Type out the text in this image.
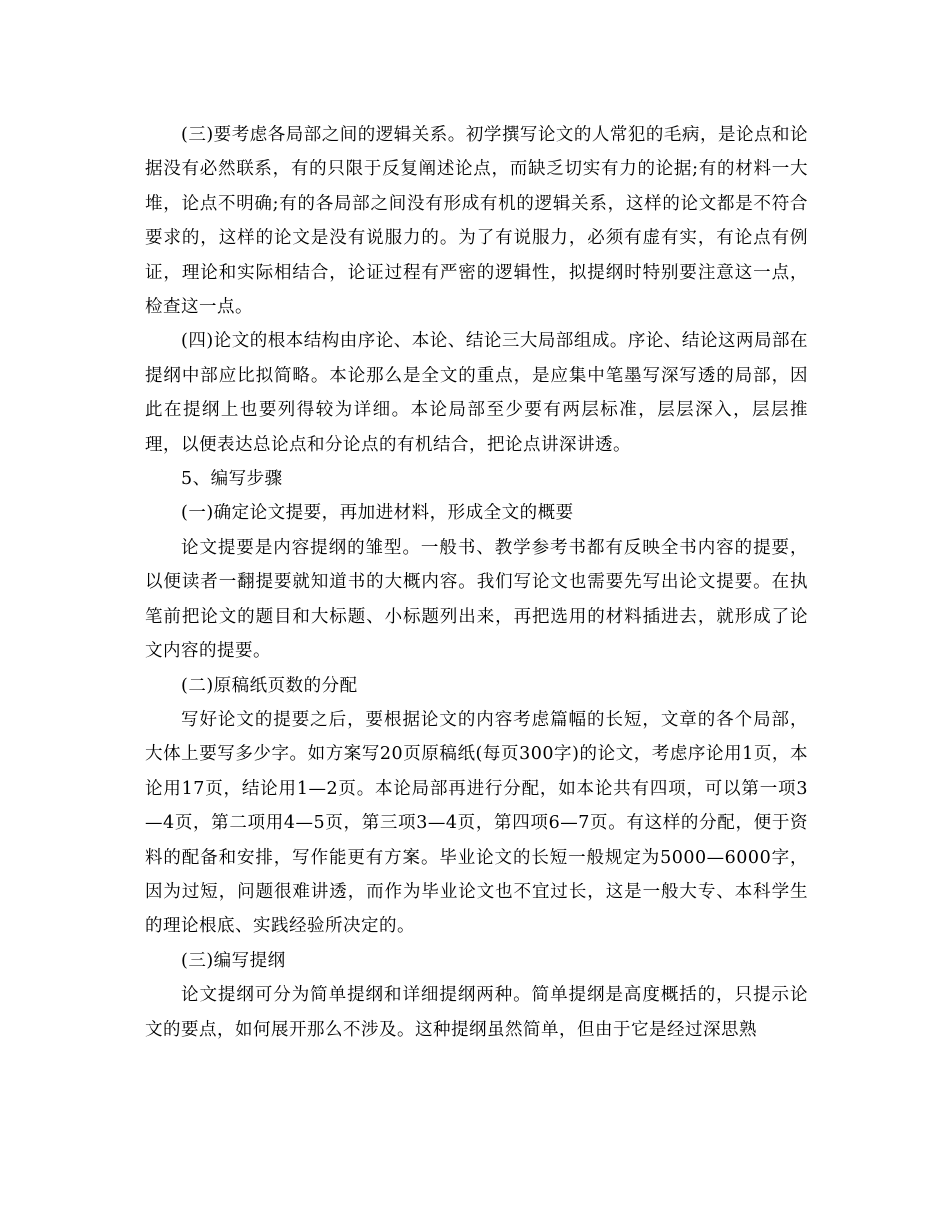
(三)要考虑各局部之间的逻辑关系。初学撰写论文的人常犯的毛病，是论点和论据没有必然联系，有的只限于反复阐述论点，而缺乏切实有力的论据;有的材料一大堆，论点不明确;有的各局部之间没有形成有机的逻辑关系，这样的论文都是不符合要求的，这样的论文是没有说服力的。为了有说服力，必须有虚有实，有论点有例证，理论和实际相结合，论证过程有严密的逻辑性，拟提纲时特别要注意这一点，检查这一点。

(四)论文的根本结构由序论、本论、结论三大局部组成。序论、结论这两局部在提纲中部应比拟简略。本论那么是全文的重点，是应集中笔墨写深写透的局部，因此在提纲上也要列得较为详细。本论局部至少要有两层标准，层层深入，层层推理，以便表达总论点和分论点的有机结合，把论点讲深讲透。

5、编写步骤

(一)确定论文提要，再加进材料，形成全文的概要

论文提要是内容提纲的雏型。一般书、教学参考书都有反映全书内容的提要，以便读者一翻提要就知道书的大概内容。我们写论文也需要先写出论文提要。在执笔前把论文的题目和大标题、小标题列出来，再把选用的材料插进去，就形成了论文内容的提要。

(二)原稿纸页数的分配

写好论文的提要之后，要根据论文的内容考虑篇幅的长短，文章的各个局部，大体上要写多少字。如方案写20页原稿纸(每页300字)的论文，考虑序论用1页，本论用17页，结论用1—2页。本论局部再进行分配，如本论共有四项，可以第一项3—4页，第二项用4—5页，第三项3—4页，第四项6—7页。有这样的分配，便于资料的配备和安排，写作能更有方案。毕业论文的长短一般规定为5000—6000字，因为过短，问题很难讲透，而作为毕业论文也不宜过长，这是一般大专、本科学生的理论根底、实践经验所决定的。

(三)编写提纲

论文提纲可分为简单提纲和详细提纲两种。简单提纲是高度概括的，只提示论文的要点，如何展开那么不涉及。这种提纲虽然简单，但由于它是经过深思熟
